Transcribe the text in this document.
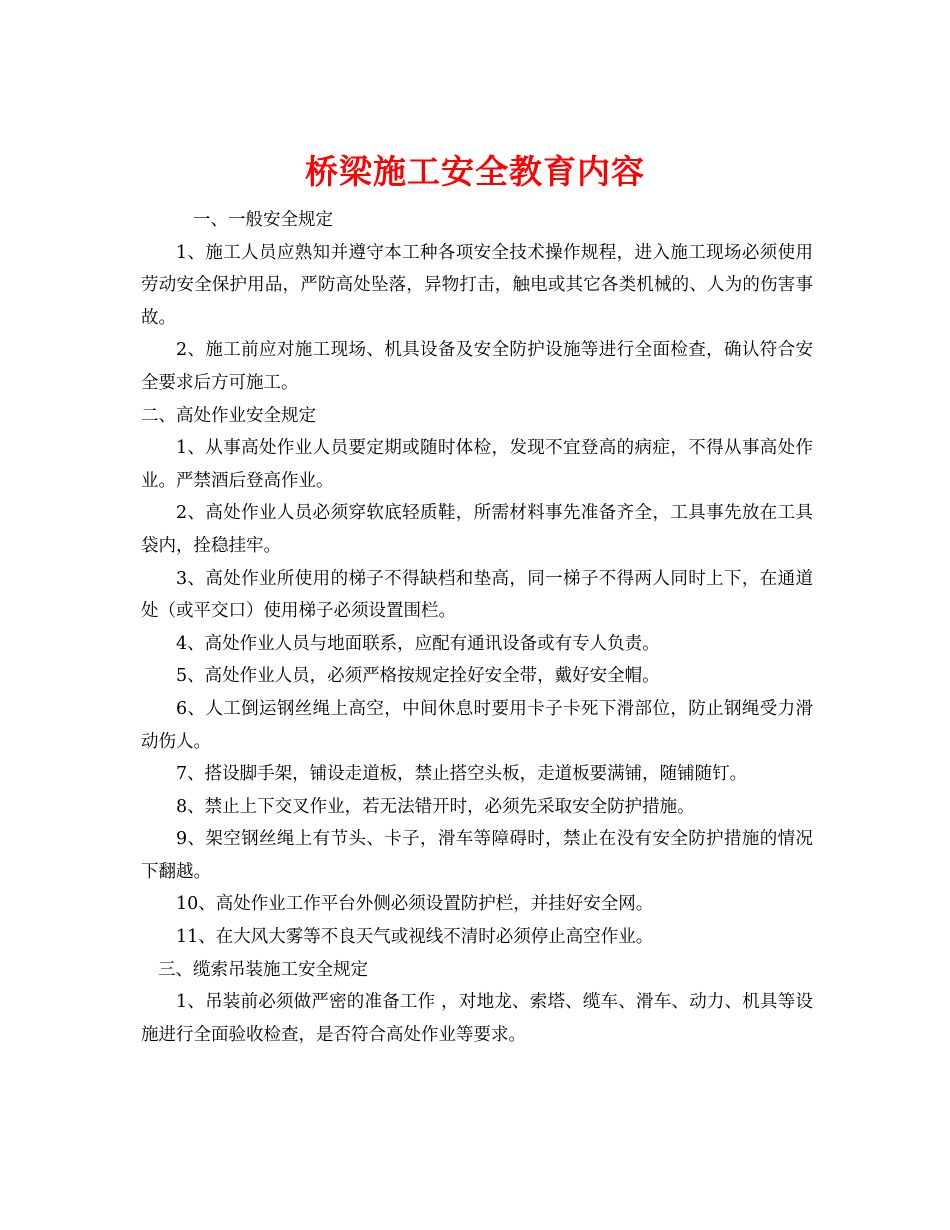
桥梁施工安全教育内容

一、一般安全规定

1、施工人员应熟知并遵守本工种各项安全技术操作规程，进入施工现场必须使用劳动安全保护用品，严防高处坠落，异物打击，触电或其它各类机械的、人为的伤害事故。

2、施工前应对施工现场、机具设备及安全防护设施等进行全面检查，确认符合安全要求后方可施工。

二、高处作业安全规定

1、从事高处作业人员要定期或随时体检，发现不宜登高的病症，不得从事高处作业。严禁酒后登高作业。

2、高处作业人员必须穿软底轻质鞋，所需材料事先准备齐全，工具事先放在工具袋内，拴稳挂牢。

3、高处作业所使用的梯子不得缺档和垫高，同一梯子不得两人同时上下，在通道处（或平交口）使用梯子必须设置围栏。

4、高处作业人员与地面联系，应配有通讯设备或有专人负责。

5、高处作业人员，必须严格按规定拴好安全带，戴好安全帽。

6、人工倒运钢丝绳上高空，中间休息时要用卡子卡死下滑部位，防止钢绳受力滑动伤人。

7、搭设脚手架，铺设走道板，禁止搭空头板，走道板要满铺，随铺随钉。

8、禁止上下交叉作业，若无法错开时，必须先采取安全防护措施。

9、架空钢丝绳上有节头、卡子，滑车等障碍时，禁止在没有安全防护措施的情况下翻越。

10、高处作业工作平台外侧必须设置防护栏，并挂好安全网。

11、在大风大雾等不良天气或视线不清时必须停止高空作业。

三、缆索吊装施工安全规定

1、吊装前必须做严密的准备工作 ，对地龙、索塔、缆车、滑车、动力、机具等设施进行全面验收检查，是否符合高处作业等要求。
